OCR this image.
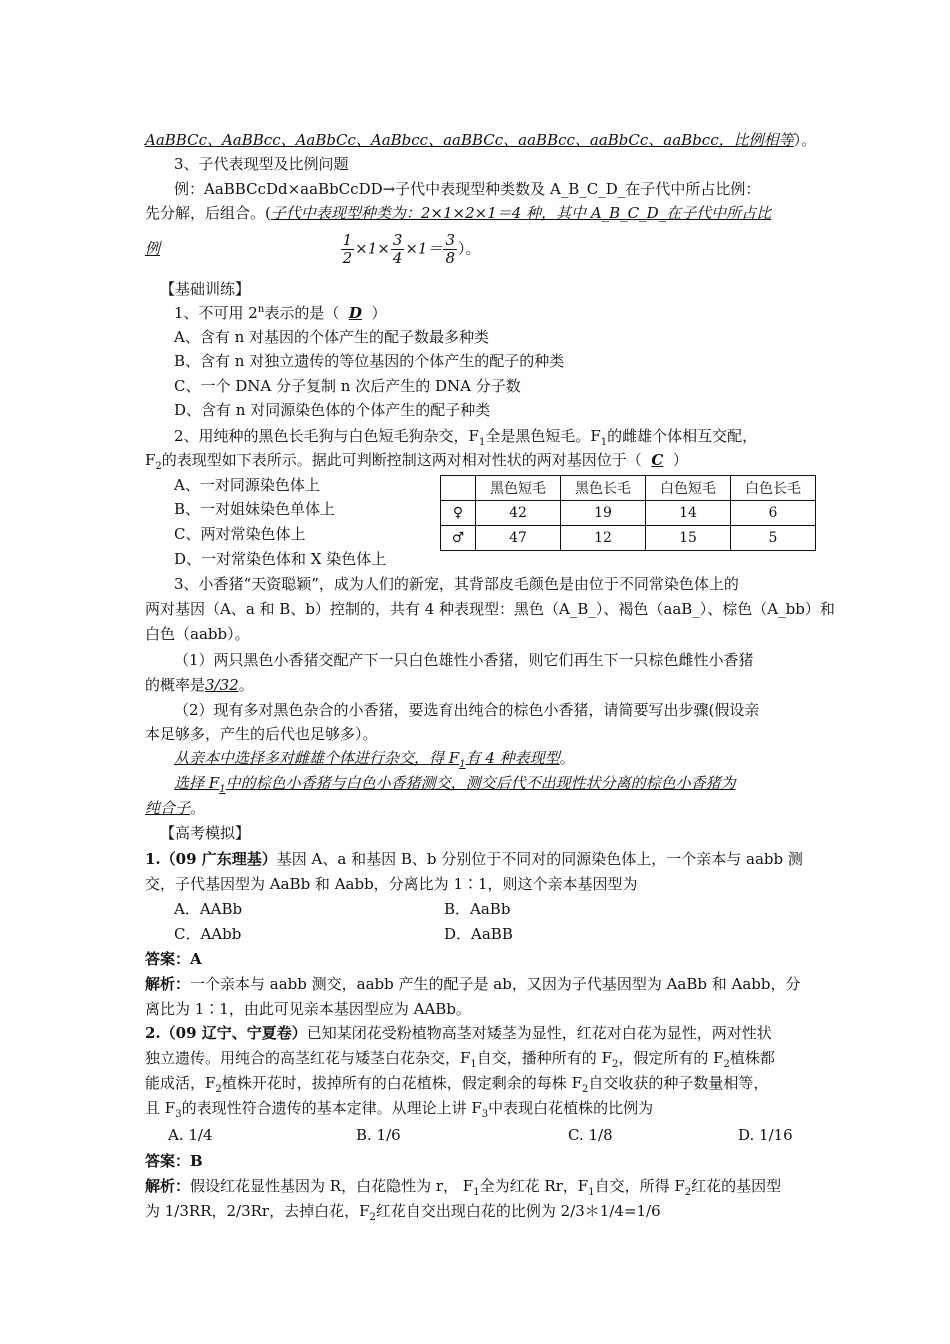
AaBBCc、AaBBcc、AaBbCc、AaBbcc、aaBBCc、aaBBcc、aaBbCc、aaBbcc，比例相等）。
3、子代表现型及比例问题
例：AaBBCcDd×aaBbCcDD→子代中表现型种类数及 A_B_C_D_在子代中所占比例：
先分解，后组合。(子代中表现型种类为：2×1×2×1＝4 种，其中 A_B_C_D_在子代中所占比
例	$\frac{1}{2} \times 1\times \frac{3}{4} \times 1= \frac{3}{8}$ ）。
【基础训练】
1、不可用 2$^n$表示的是（ D ）
A、含有 n 对基因的个体产生的配子数最多种类
B、含有 n 对独立遗传的等位基因的个体产生的配子的种类
C、一个 DNA 分子复制 n 次后产生的 DNA 分子数
D、含有 n 对同源染色体的个体产生的配子种类
2、用纯种的黑色长毛狗与白色短毛狗杂交，$F_1$全是黑色短毛。$F_1$的雌雄个体相互交配，
$F_2$的表现型如下表所示。据此可判断控制这两对相对性状的两对基因位于（ C ）
A、一对同源染色体上
B、一对姐妹染色单体上
C、两对常染色体上
D、一对常染色体和 X 染色体上
	黑色短毛	黑色长毛	白色短毛	白色长毛
♀	42	19	14	6
♂	47	12	15	5
3、小香猪“天资聪颖”，成为人们的新宠，其背部皮毛颜色是由位于不同常染色体上的
两对基因（A、a 和 B、b）控制的，共有 4 种表现型：黑色（A_B_）、褐色（aaB_）、棕色（A_bb）和
白色（aabb）。
（1）两只黑色小香猪交配产下一只白色雄性小香猪，则它们再生下一只棕色雌性小香猪
的概率是3/32。
（2）现有多对黑色杂合的小香猪，要选育出纯合的棕色小香猪，请简要写出步骤(假设亲
本足够多，产生的后代也足够多）。
从亲本中选择多对雌雄个体进行杂交，得 $F_1$有 4 种表现型。
选择 $F_1$中的棕色小香猪与白色小香猪测交，测交后代不出现性状分离的棕色小香猪为
纯合子。
【高考模拟】
1.（09 广东理基）基因 A、a 和基因 B、b 分别位于不同对的同源染色体上，一个亲本与 aabb 测
交，子代基因型为 AaBb 和 Aabb，分离比为 1∶1，则这个亲本基因型为
A．AABb	B．AaBb
C．AAbb	D．AaBB
答案：A
解析：一个亲本与 aabb 测交，aabb 产生的配子是 ab，又因为子代基因型为 AaBb 和 Aabb，分
离比为 1∶1，由此可见亲本基因型应为 AABb。
2.（09 辽宁、宁夏卷）已知某闭花受粉植物高茎对矮茎为显性，红花对白花为显性，两对性状
独立遗传。用纯合的高茎红花与矮茎白花杂交，$F_1$自交，播种所有的 $F_2$，假定所有的 $F_2$植株都
能成活，$F_2$植株开花时，拔掉所有的白花植株，假定剩余的每株 $F_2$自交收获的种子数量相等，
且 $F_3$的表现性符合遗传的基本定律。从理论上讲 $F_3$中表现白花植株的比例为
A. 1/4	B. 1/6	C. 1/8	D. 1/16
答案：B
解析：假设红花显性基因为 R，白花隐性为 r， $F_1$全为红花 Rr，$F_1$自交，所得 $F_2$红花的基因型
为 1/3RR，2/3Rr，去掉白花，$F_2$红花自交出现白花的比例为 2/3＊1/4=1/6
